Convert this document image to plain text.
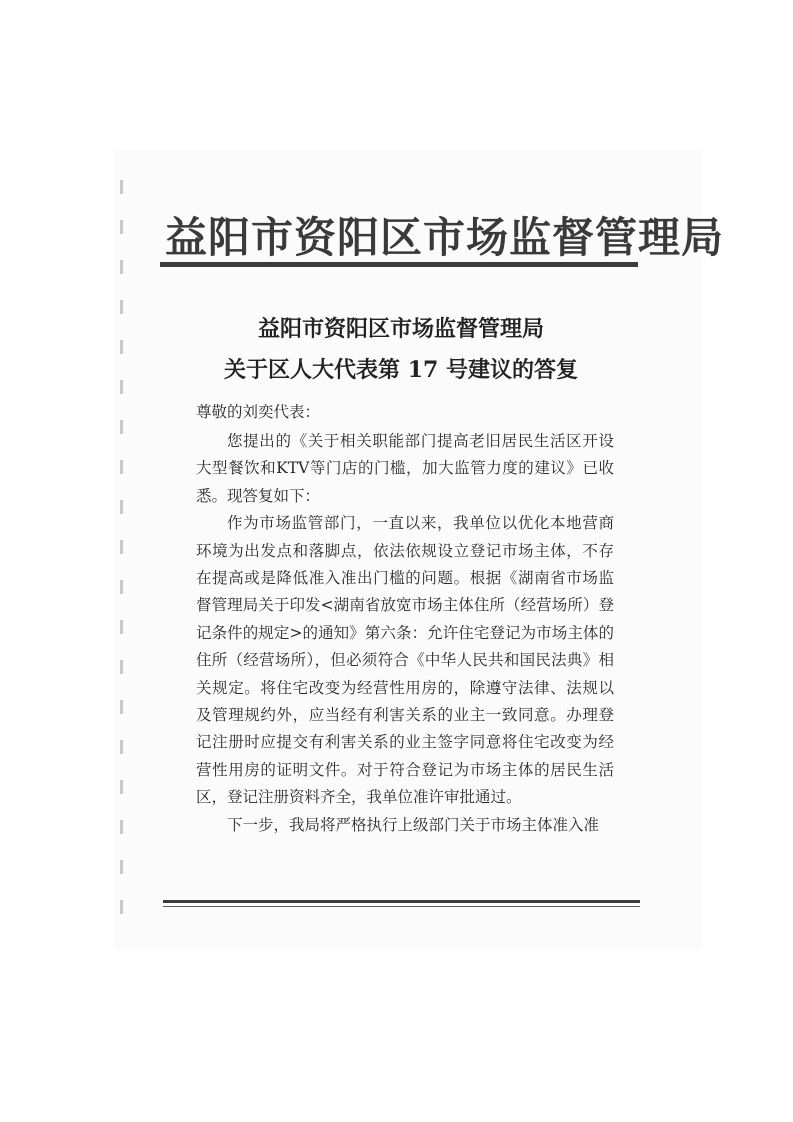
益阳市资阳区市场监督管理局
益阳市资阳区市场监督管理局
关于区人大代表第 17 号建议的答复
尊敬的刘奕代表：

您提出的《关于相关职能部门提高老旧居民生活区开设大型餐饮和KTV等门店的门槛，加大监管力度的建议》已收悉。现答复如下：

作为市场监管部门，一直以来，我单位以优化本地营商环境为出发点和落脚点，依法依规设立登记市场主体，不存在提高或是降低准入准出门槛的问题。根据《湖南省市场监督管理局关于印发<湖南省放宽市场主体住所（经营场所）登记条件的规定>的通知》第六条：允许住宅登记为市场主体的住所（经营场所），但必须符合《中华人民共和国民法典》相关规定。将住宅改变为经营性用房的，除遵守法律、法规以及管理规约外，应当经有利害关系的业主一致同意。办理登记注册时应提交有利害关系的业主签字同意将住宅改变为经营性用房的证明文件。对于符合登记为市场主体的居民生活区，登记注册资料齐全，我单位准许审批通过。

下一步，我局将严格执行上级部门关于市场主体准入准
